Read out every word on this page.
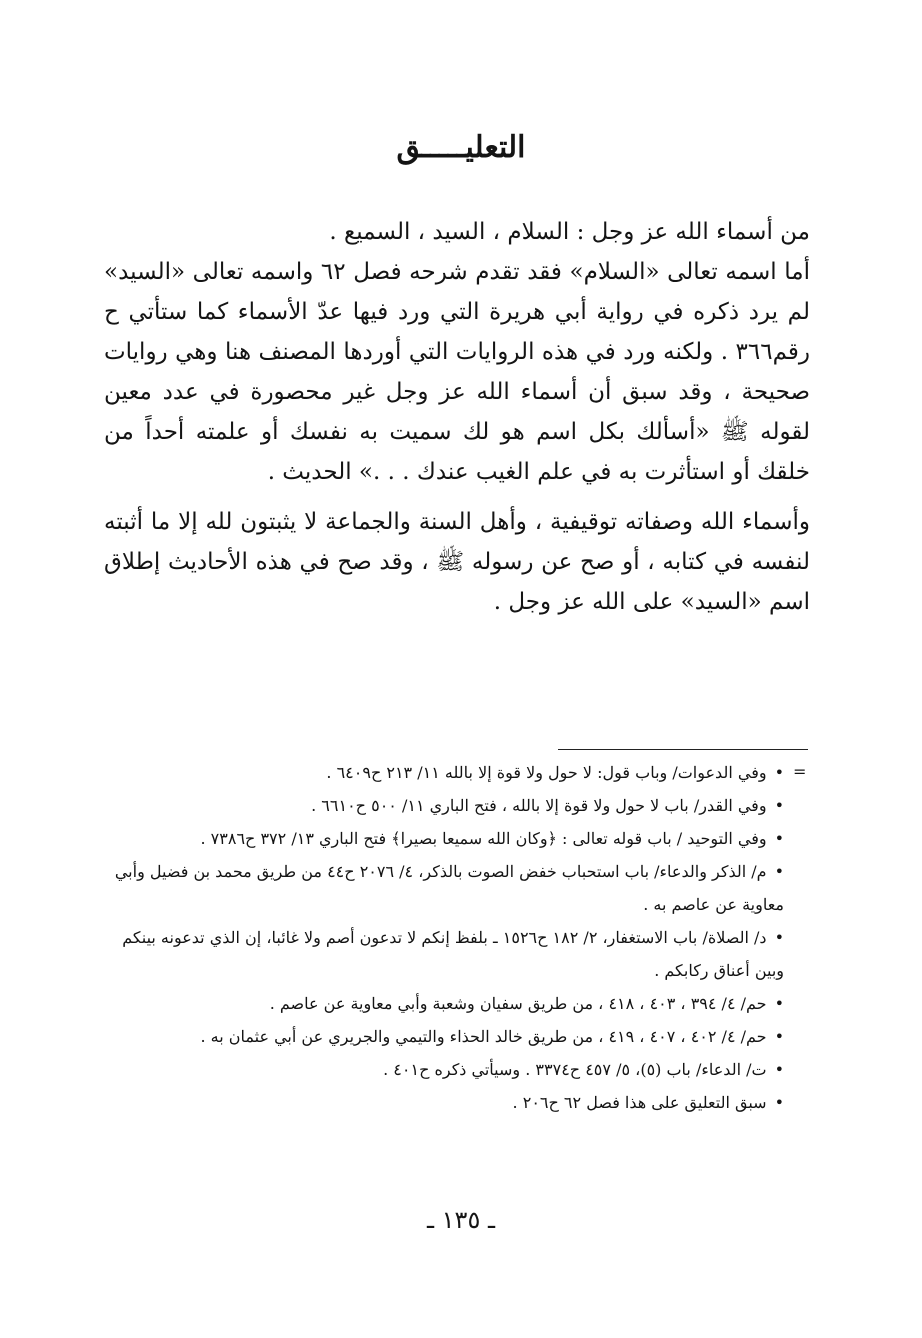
التعليـــــق

من أسماء الله عز وجل : السلام ، السيد ، السميع .

أما اسمه تعالى «السلام» فقد تقدم شرحه فصل ٦٢ واسمه تعالى «السيد» لم يرد ذكره في رواية أبي هريرة التي ورد فيها عدّ الأسماء كما ستأتي ح رقم٣٦٦ . ولكنه ورد في هذه الروايات التي أوردها المصنف هنا وهي روايات صحيحة ، وقد سبق أن أسماء الله عز وجل غير محصورة في عدد معين لقوله ﷺ «أسألك بكل اسم هو لك سميت به نفسك أو علمته أحداً من خلقك أو استأثرت به في علم الغيب عندك . . .» الحديث .

وأسماء الله وصفاته توقيفية ، وأهل السنة والجماعة لا يثبتون لله إلا ما أثبته لنفسه في كتابه ، أو صح عن رسوله ﷺ ، وقد صح في هذه الأحاديث إطلاق اسم «السيد» على الله عز وجل .

=

•وفي الدعوات/ وباب قول: لا حول ولا قوة إلا بالله ١١/ ٢١٣ ح٦٤٠٩ .

•وفي القدر/ باب لا حول ولا قوة إلا بالله ، فتح الباري ١١/ ٥٠٠ ح٦٦١٠ .

•وفي التوحيد / باب قوله تعالى : ﴿وكان الله سميعا بصيرا﴾ فتح الباري ١٣/ ٣٧٢ ح٧٣٨٦ .

•م/ الذكر والدعاء/ باب استحباب خفض الصوت بالذكر، ٤/ ٢٠٧٦ ح٤٤ من طريق محمد بن فضيل وأبي معاوية عن عاصم به .

•د/ الصلاة/ باب الاستغفار، ٢/ ١٨٢ ح١٥٢٦ ـ بلفظ إنكم لا تدعون أصم ولا غائبا، إن الذي تدعونه بينكم وبين أعناق ركابكم .

•حم/ ٤/ ٣٩٤ ، ٤٠٣ ، ٤١٨ ، من طريق سفيان وشعبة وأبي معاوية عن عاصم .

•حم/ ٤/ ٤٠٢ ، ٤٠٧ ، ٤١٩ ، من طريق خالد الحذاء والتيمي والجريري عن أبي عثمان به .

•ت/ الدعاء/ باب (٥)، ٥/ ٤٥٧ ح٣٣٧٤ . وسيأتي ذكره ح٤٠١ .

•سبق التعليق على هذا فصل ٦٢ ح٢٠٦ .

ـ ١٣٥ ـ
